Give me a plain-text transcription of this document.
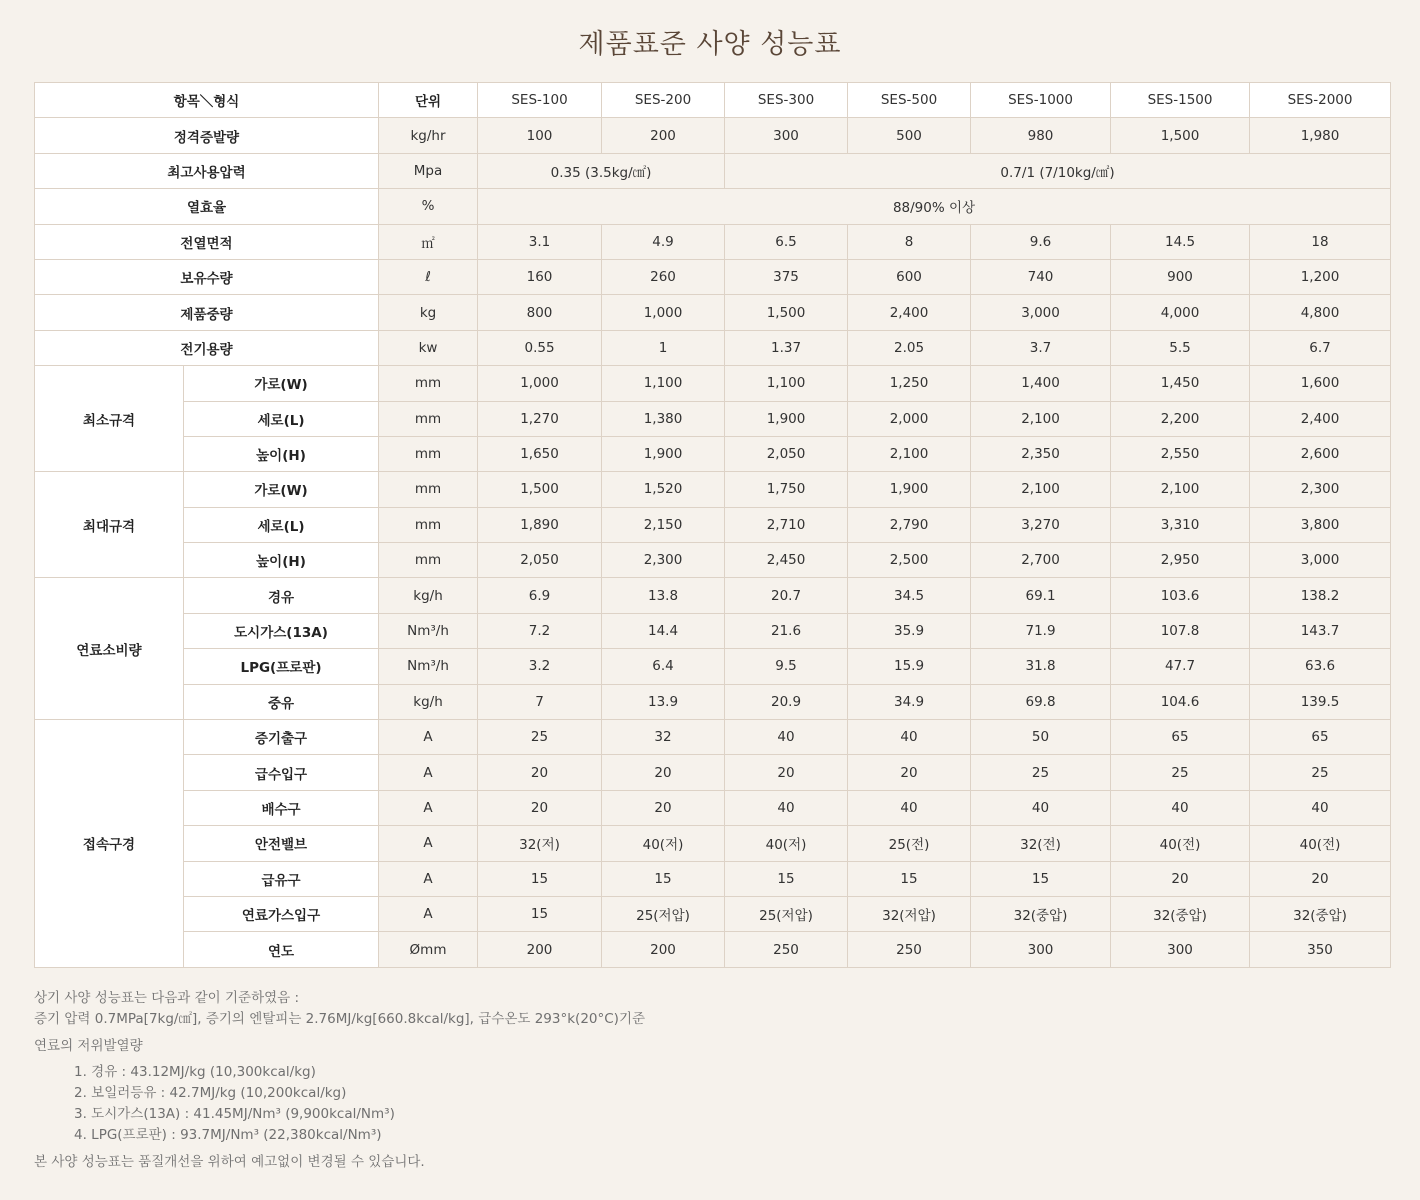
제품표준 사양 성능표
항목＼형식		단위	SES-100	SES-200	SES-300	SES-500	SES-1000	SES-1500	SES-2000
정격증발량		kg/hr	100	200	300	500	980	1,500	1,980
최고사용압력		Mpa	0.35 (3.5kg/㎠)		0.7/1 (7/10kg/㎠)				
열효율		%	88/90% 이상						
전열면적		㎡	3.1	4.9	6.5	8	9.6	14.5	18
보유수량		ℓ	160	260	375	600	740	900	1,200
제품중량		kg	800	1,000	1,500	2,400	3,000	4,000	4,800
전기용량		kw	0.55	1	1.37	2.05	3.7	5.5	6.7
최소규격	가로(W)	mm	1,000	1,100	1,100	1,250	1,400	1,450	1,600
	세로(L)	mm	1,270	1,380	1,900	2,000	2,100	2,200	2,400
	높이(H)	mm	1,650	1,900	2,050	2,100	2,350	2,550	2,600
최대규격	가로(W)	mm	1,500	1,520	1,750	1,900	2,100	2,100	2,300
	세로(L)	mm	1,890	2,150	2,710	2,790	3,270	3,310	3,800
	높이(H)	mm	2,050	2,300	2,450	2,500	2,700	2,950	3,000
연료소비량	경유	kg/h	6.9	13.8	20.7	34.5	69.1	103.6	138.2
	도시가스(13A)	Nm³/h	7.2	14.4	21.6	35.9	71.9	107.8	143.7
	LPG(프로판)	Nm³/h	3.2	6.4	9.5	15.9	31.8	47.7	63.6
	중유	kg/h	7	13.9	20.9	34.9	69.8	104.6	139.5
접속구경	증기출구	A	25	32	40	40	50	65	65
	급수입구	A	20	20	20	20	25	25	25
	배수구	A	20	20	40	40	40	40	40
	안전밸브	A	32(저)	40(저)	40(저)	25(전)	32(전)	40(전)	40(전)
	급유구	A	15	15	15	15	15	20	20
	연료가스입구	A	15	25(저압)	25(저압)	32(저압)	32(중압)	32(중압)	32(중압)
	연도	Ømm	200	200	250	250	300	300	350

상기 사양 성능표는 다음과 같이 기준하였음 :

증기 압력 0.7MPa[7kg/㎠], 증기의 엔탈피는 2.76MJ/kg[660.8kcal/kg], 급수온도 293°k(20°C)기준

연료의 저위발열량

1. 경유 : 43.12MJ/kg (10,300kcal/kg)
2. 보일러등유 : 42.7MJ/kg (10,200kcal/kg)
3. 도시가스(13A) : 41.45MJ/Nm³ (9,900kcal/Nm³)
4. LPG(프로판) : 93.7MJ/Nm³ (22,380kcal/Nm³)

본 사양 성능표는 품질개선을 위하여 예고없이 변경될 수 있습니다.
